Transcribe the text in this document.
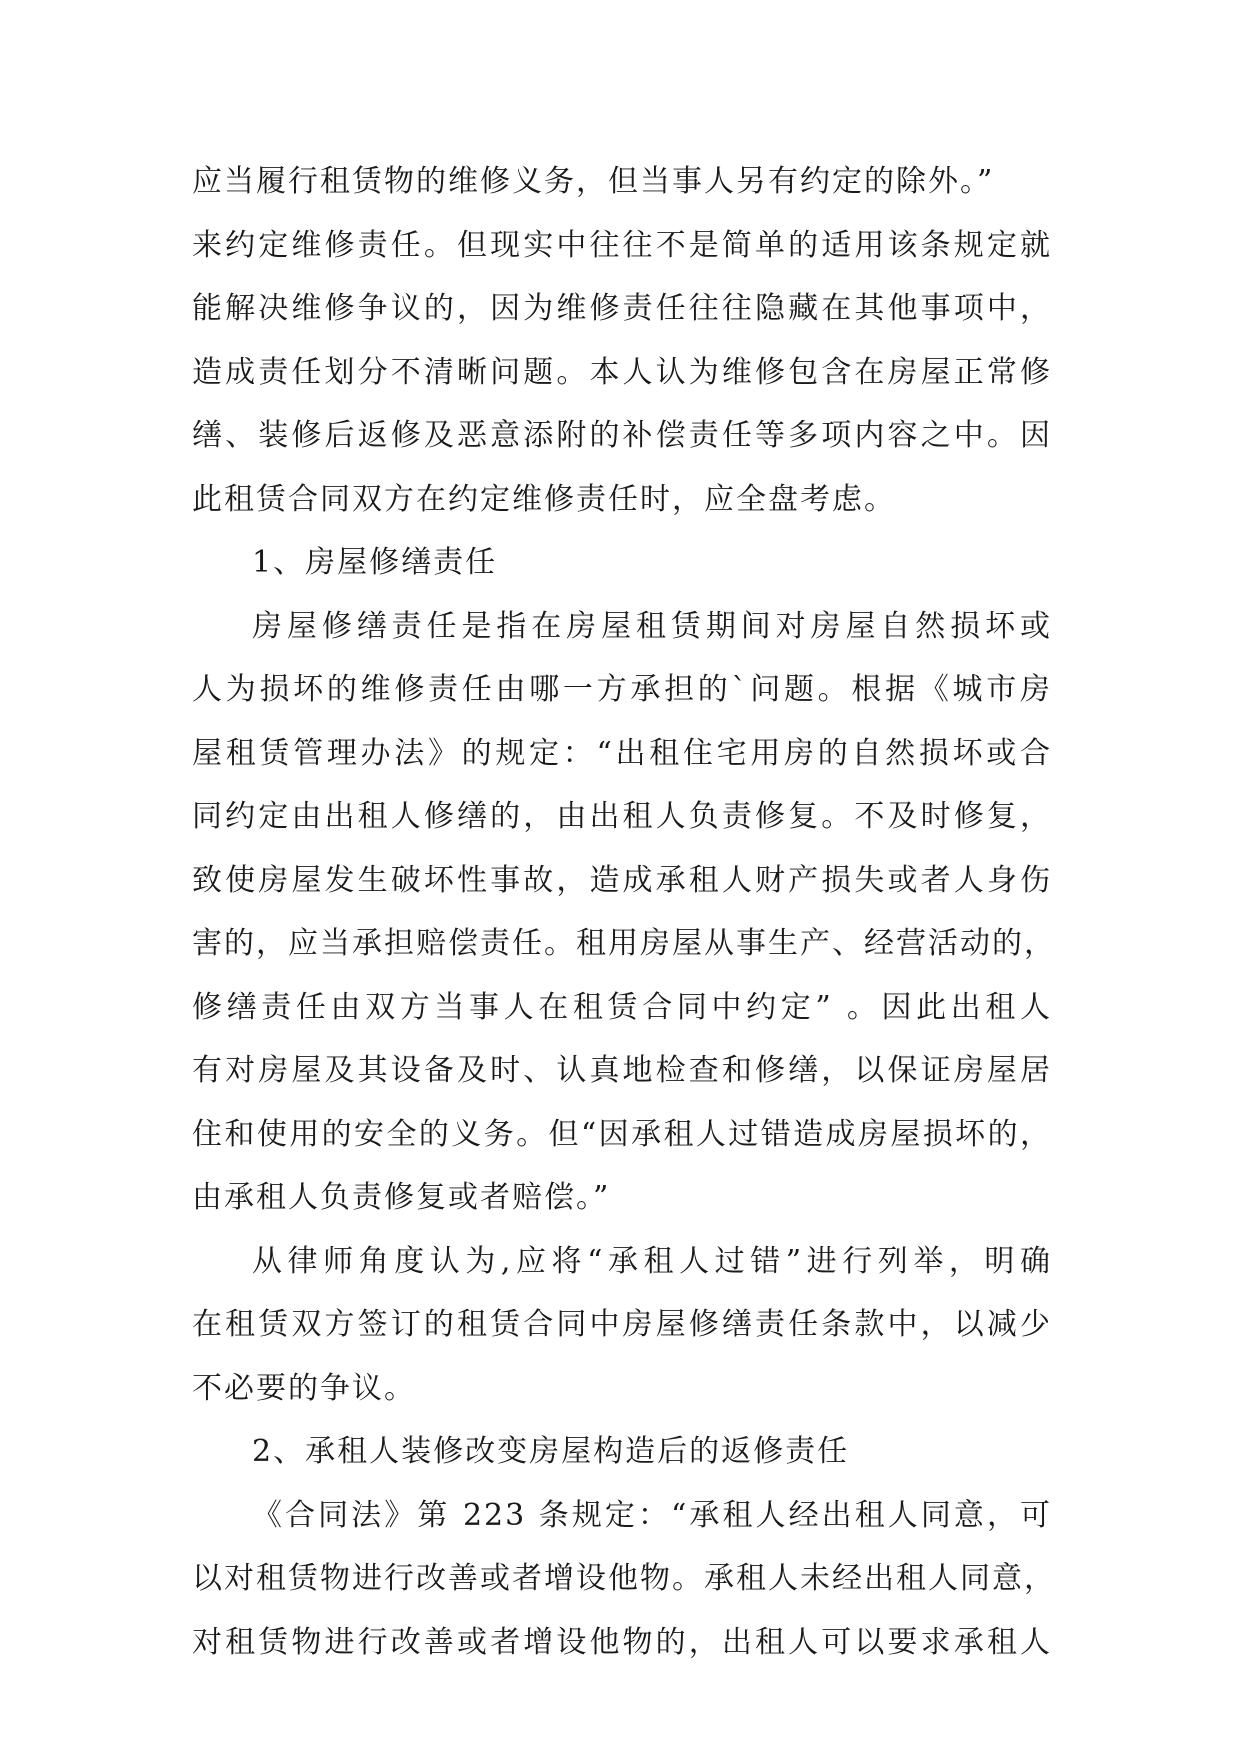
应当履行租赁物的维修义务，但当事人另有约定的除外。”
来约定维修责任。但现实中往往不是简单的适用该条规定就
能解决维修争议的，因为维修责任往往隐藏在其他事项中，
造成责任划分不清晰问题。本人认为维修包含在房屋正常修
缮、装修后返修及恶意添附的补偿责任等多项内容之中。因
此租赁合同双方在约定维修责任时，应全盘考虑。
1、房屋修缮责任
房屋修缮责任是指在房屋租赁期间对房屋自然损坏或
人为损坏的维修责任由哪一方承担的`问题。根据《城市房
屋租赁管理办法》的规定：“出租住宅用房的自然损坏或合
同约定由出租人修缮的，由出租人负责修复。不及时修复，
致使房屋发生破坏性事故，造成承租人财产损失或者人身伤
害的，应当承担赔偿责任。租用房屋从事生产、经营活动的，
修缮责任由双方当事人在租赁合同中约定” 。因此出租人
有对房屋及其设备及时、认真地检查和修缮，以保证房屋居
住和使用的安全的义务。但“因承租人过错造成房屋损坏的，
由承租人负责修复或者赔偿。”
从律师角度认为,应将“承租人过错”进行列举，明确
在租赁双方签订的租赁合同中房屋修缮责任条款中，以减少
不必要的争议。
2、承租人装修改变房屋构造后的返修责任
《合同法》第 223 条规定：“承租人经出租人同意，可
以对租赁物进行改善或者增设他物。承租人未经出租人同意，
对租赁物进行改善或者增设他物的，出租人可以要求承租人
